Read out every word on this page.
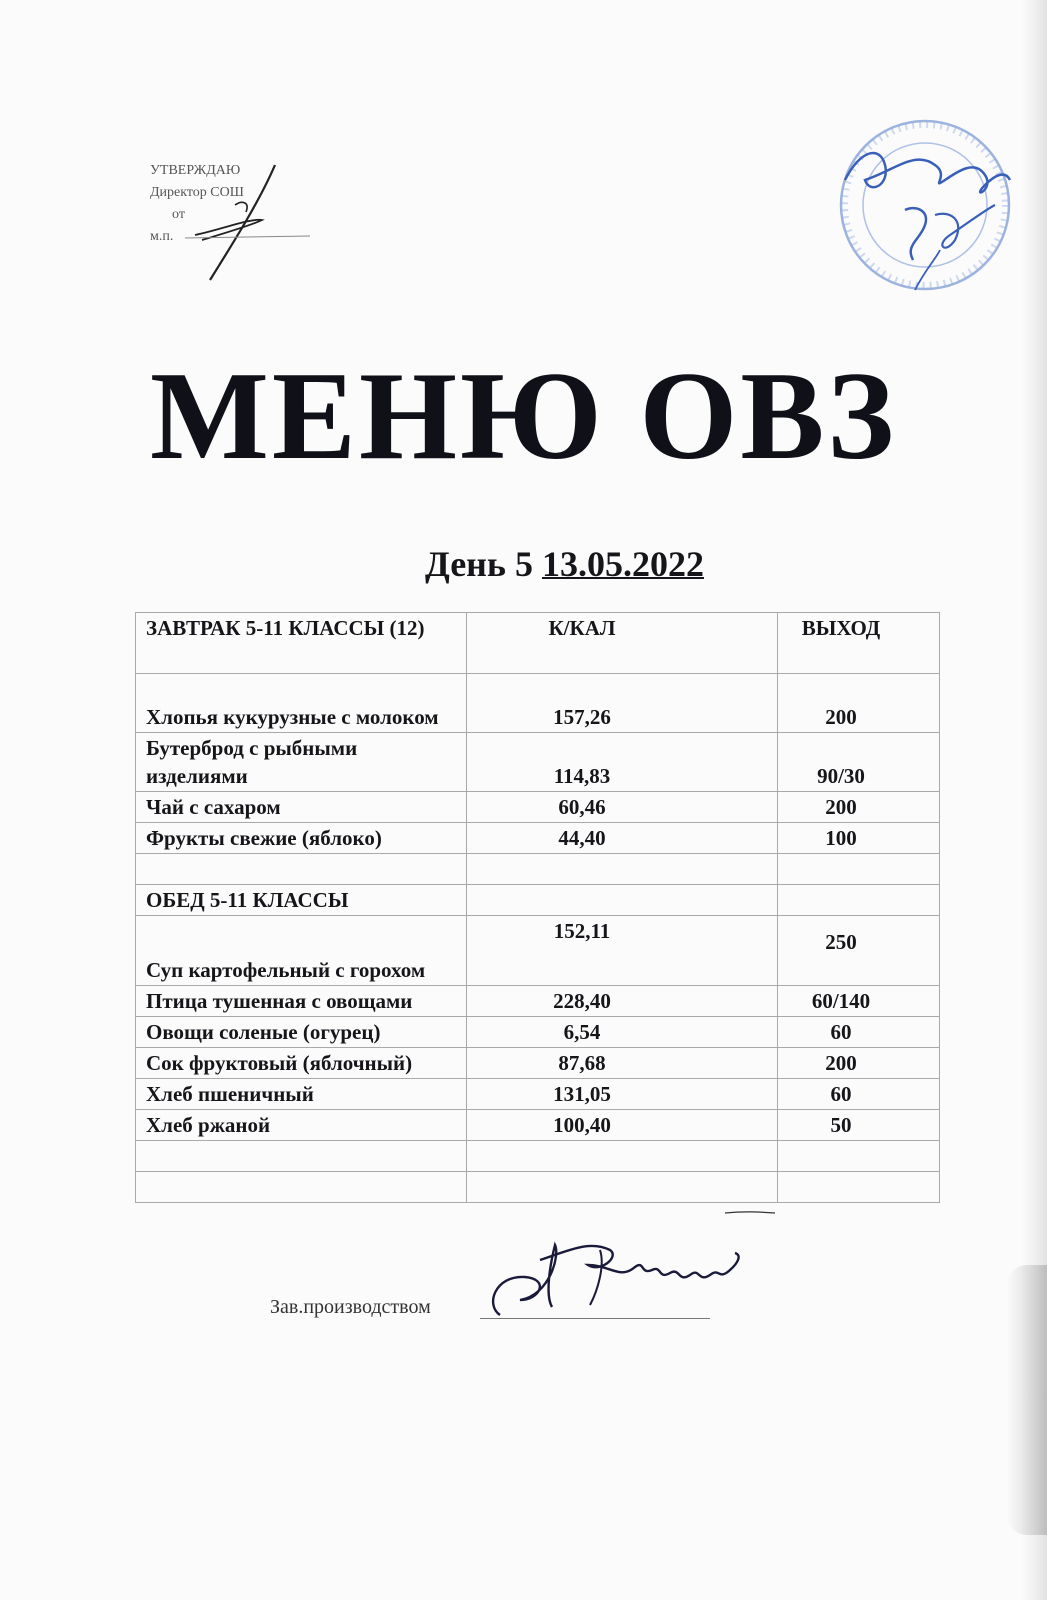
УТВЕРЖДАЮ
Директор СОШ
от
м.п.
МЕНЮ ОВЗ
День 5 13.05.2022
ЗАВТРАК 5-11 КЛАССЫ (12)	К/КАЛ	ВЫХОД
Хлопья кукурузные с молоком	157,26	200
Бутерброд с рыбными изделиями	114,83	90/30
Чай с сахаром	60,46	200
Фрукты свежие (яблоко)	44,40	100

ОБЕД 5-11 КЛАССЫ		
Суп картофельный с горохом	152,11	250
Птица тушенная с овощами	228,40	60/140
Овощи соленые (огурец)	6,54	60
Сок фруктовый (яблочный)	87,68	200
Хлеб пшеничный	131,05	60
Хлеб ржаной	100,40	50

Зав.производством
